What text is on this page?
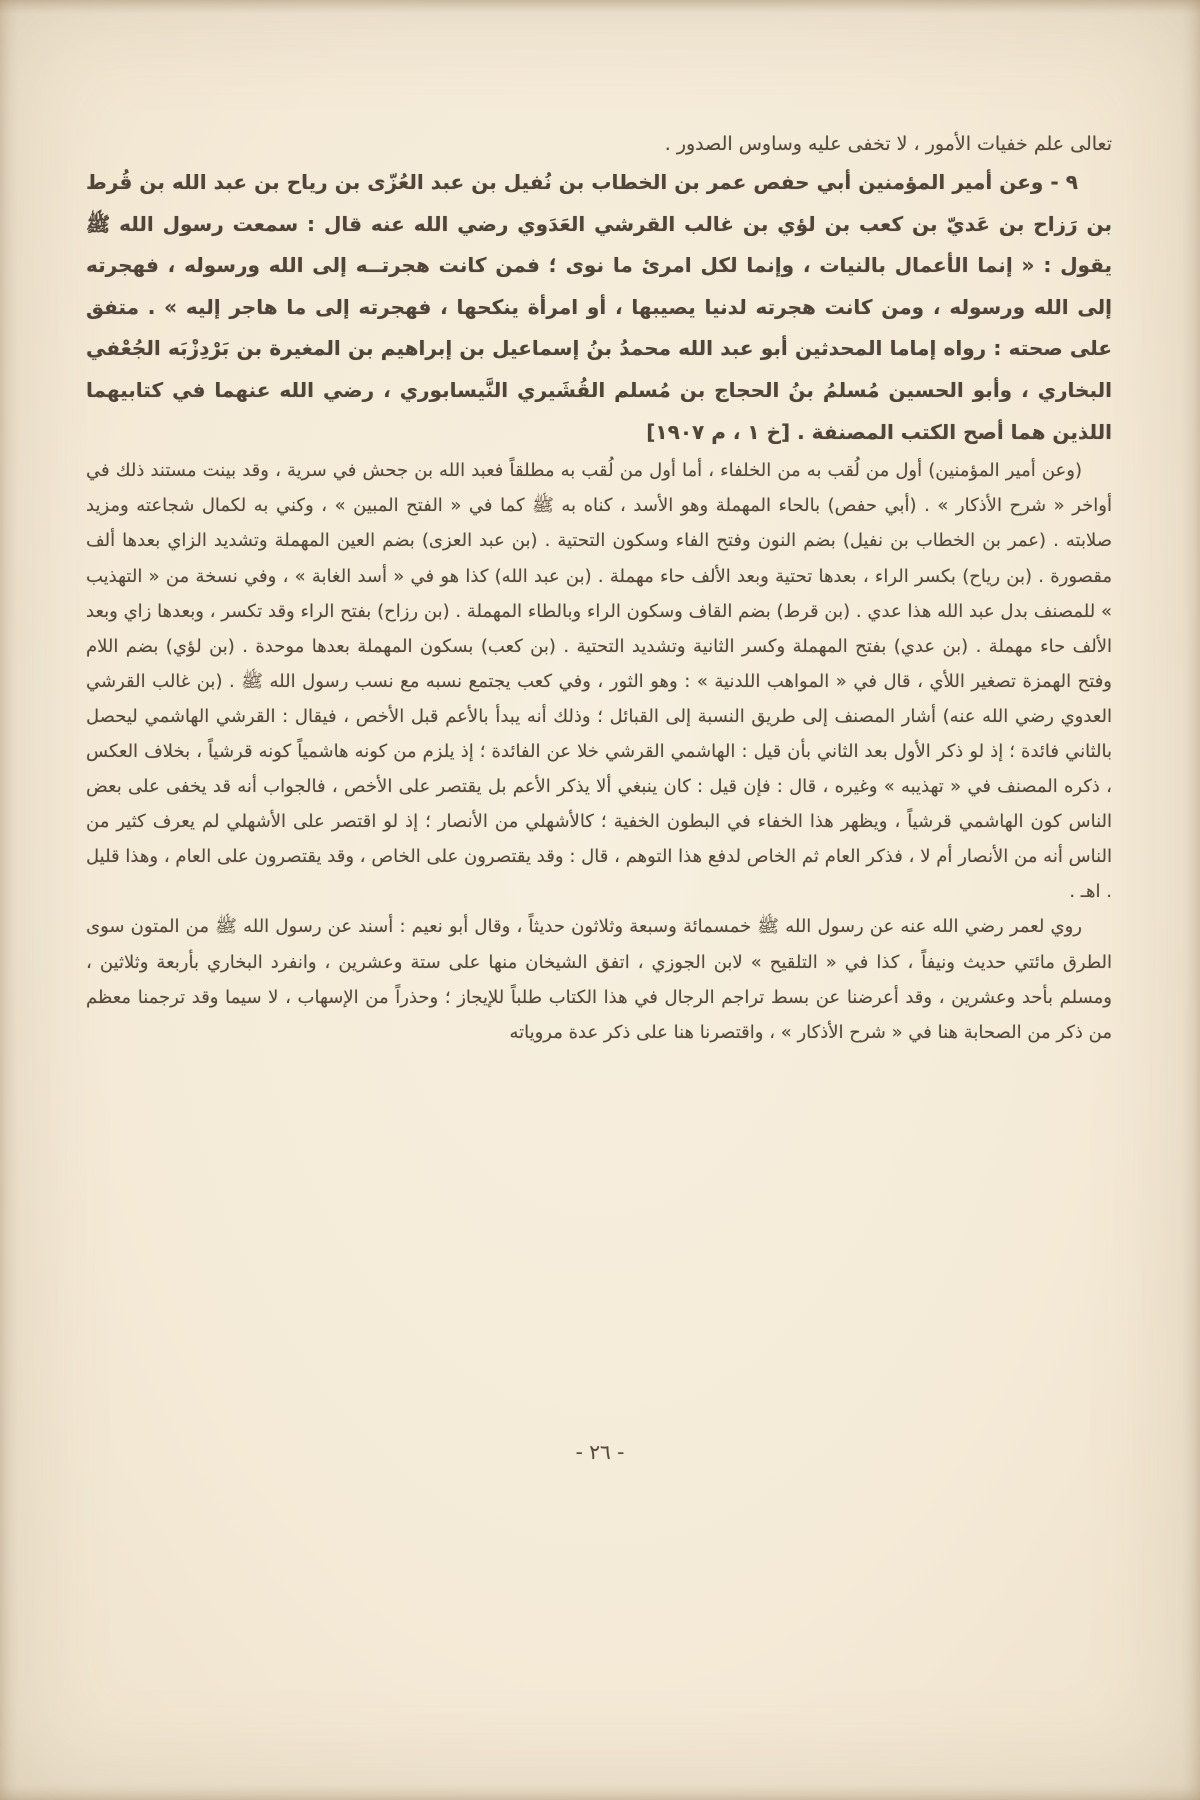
تعالى علم خفيات الأمور ، لا تخفى عليه وساوس الصدور .

٩ - وعن أمير المؤمنين أبي حفص عمر بن الخطاب بن نُفيل بن عبد العُزّى بن رياح بن عبد الله بن قُرط بن رَزاح بن عَديّ بن كعب بن لؤي بن غالب القرشي العَدَوي رضي الله عنه قال : سمعت رسول الله ﷺ يقول : « إنما الأعمال بالنيات ، وإنما لكل امرئ ما نوى ؛ فمن كانت هجرتــه إلى الله ورسوله ، فهجرته إلى الله ورسوله ، ومن كانت هجرته لدنيا يصيبها ، أو امرأة ينكحها ، فهجرته إلى ما هاجر إليه » . متفق على صحته : رواه إماما المحدثين أبو عبد الله محمدُ بنُ إسماعيل بن إبراهيم بن المغيرة بن بَرْدِزْبَه الجُعْفي البخاري ، وأبو الحسين مُسلمُ بنُ الحجاج بن مُسلم القُشَيري النَّيسابوري ، رضي الله عنهما في كتابيهما اللذين هما أصح الكتب المصنفة . [خ ١ ، م ١٩٠٧]

(وعن أمير المؤمنين) أول من لُقب به من الخلفاء ، أما أول من لُقب به مطلقاً فعبد الله بن جحش في سرية ، وقد بينت مستند ذلك في أواخر « شرح الأذكار » . (أبي حفص) بالحاء المهملة وهو الأسد ، كناه به ﷺ كما في « الفتح المبين » ، وكني به لكمال شجاعته ومزيد صلابته . (عمر بن الخطاب بن نفيل) بضم النون وفتح الفاء وسكون التحتية . (بن عبد العزى) بضم العين المهملة وتشديد الزاي بعدها ألف مقصورة . (بن رياح) بكسر الراء ، بعدها تحتية وبعد الألف حاء مهملة . (بن عبد الله) كذا هو في « أسد الغابة » ، وفي نسخة من « التهذيب » للمصنف بدل عبد الله هذا عدي . (بن قرط) بضم القاف وسكون الراء وبالطاء المهملة . (بن رزاح) بفتح الراء وقد تكسر ، وبعدها زاي وبعد الألف حاء مهملة . (بن عدي) بفتح المهملة وكسر الثانية وتشديد التحتية . (بن كعب) بسكون المهملة بعدها موحدة . (بن لؤي) بضم اللام وفتح الهمزة تصغير اللأي ، قال في « المواهب اللدنية » : وهو الثور ، وفي كعب يجتمع نسبه مع نسب رسول الله ﷺ . (بن غالب القرشي العدوي رضي الله عنه) أشار المصنف إلى طريق النسبة إلى القبائل ؛ وذلك أنه يبدأ بالأعم قبل الأخص ، فيقال : القرشي الهاشمي ليحصل بالثاني فائدة ؛ إذ لو ذكر الأول بعد الثاني بأن قيل : الهاشمي القرشي خلا عن الفائدة ؛ إذ يلزم من كونه هاشمياً كونه قرشياً ، بخلاف العكس ، ذكره المصنف في « تهذيبه » وغيره ، قال : فإن قيل : كان ينبغي ألا يذكر الأعم بل يقتصر على الأخص ، فالجواب أنه قد يخفى على بعض الناس كون الهاشمي قرشياً ، ويظهر هذا الخفاء في البطون الخفية ؛ كالأشهلي من الأنصار ؛ إذ لو اقتصر على الأشهلي لم يعرف كثير من الناس أنه من الأنصار أم لا ، فذكر العام ثم الخاص لدفع هذا التوهم ، قال : وقد يقتصرون على الخاص ، وقد يقتصرون على العام ، وهذا قليل . اهـ .

روي لعمر رضي الله عنه عن رسول الله ﷺ خمسمائة وسبعة وثلاثون حديثاً ، وقال أبو نعيم : أسند عن رسول الله ﷺ من المتون سوى الطرق مائتي حديث ونيفاً ، كذا في « التلقيح » لابن الجوزي ، اتفق الشيخان منها على ستة وعشرين ، وانفرد البخاري بأربعة وثلاثين ، ومسلم بأحد وعشرين ، وقد أعرضنا عن بسط تراجم الرجال في هذا الكتاب طلباً للإيجاز ؛ وحذراً من الإسهاب ، لا سيما وقد ترجمنا معظم من ذكر من الصحابة هنا في « شرح الأذكار » ، واقتصرنا هنا على ذكر عدة مروياته

- ٢٦ -
